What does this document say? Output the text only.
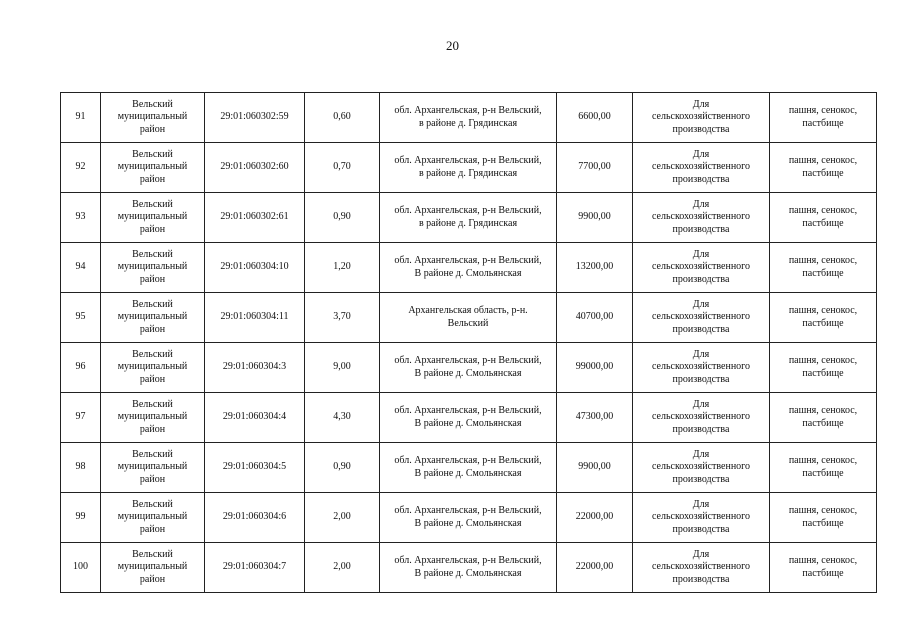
20
91	Вельский
муниципальный
район	29:01:060302:59	0,60	обл. Архангельская, р-н Вельский,
в районе д. Грядинская	6600,00	Для
сельскохозяйственного
производства	пашня, сенокос,
пастбище
92	Вельский
муниципальный
район	29:01:060302:60	0,70	обл. Архангельская, р-н Вельский,
в районе д. Грядинская	7700,00	Для
сельскохозяйственного
производства	пашня, сенокос,
пастбище
93	Вельский
муниципальный
район	29:01:060302:61	0,90	обл. Архангельская, р-н Вельский,
в районе д. Грядинская	9900,00	Для
сельскохозяйственного
производства	пашня, сенокос,
пастбище
94	Вельский
муниципальный
район	29:01:060304:10	1,20	обл. Архангельская, р-н Вельский,
В районе д. Смольянская	13200,00	Для
сельскохозяйственного
производства	пашня, сенокос,
пастбище
95	Вельский
муниципальный
район	29:01:060304:11	3,70	Архангельская область, р-н.
Вельский	40700,00	Для
сельскохозяйственного
производства	пашня, сенокос,
пастбище
96	Вельский
муниципальный
район	29:01:060304:3	9,00	обл. Архангельская, р-н Вельский,
В районе д. Смольянская	99000,00	Для
сельскохозяйственного
производства	пашня, сенокос,
пастбище
97	Вельский
муниципальный
район	29:01:060304:4	4,30	обл. Архангельская, р-н Вельский,
В районе д. Смольянская	47300,00	Для
сельскохозяйственного
производства	пашня, сенокос,
пастбище
98	Вельский
муниципальный
район	29:01:060304:5	0,90	обл. Архангельская, р-н Вельский,
В районе д. Смольянская	9900,00	Для
сельскохозяйственного
производства	пашня, сенокос,
пастбище
99	Вельский
муниципальный
район	29:01:060304:6	2,00	обл. Архангельская, р-н Вельский,
В районе д. Смольянская	22000,00	Для
сельскохозяйственного
производства	пашня, сенокос,
пастбище
100	Вельский
муниципальный
район	29:01:060304:7	2,00	обл. Архангельская, р-н Вельский,
В районе д. Смольянская	22000,00	Для
сельскохозяйственного
производства	пашня, сенокос,
пастбище
